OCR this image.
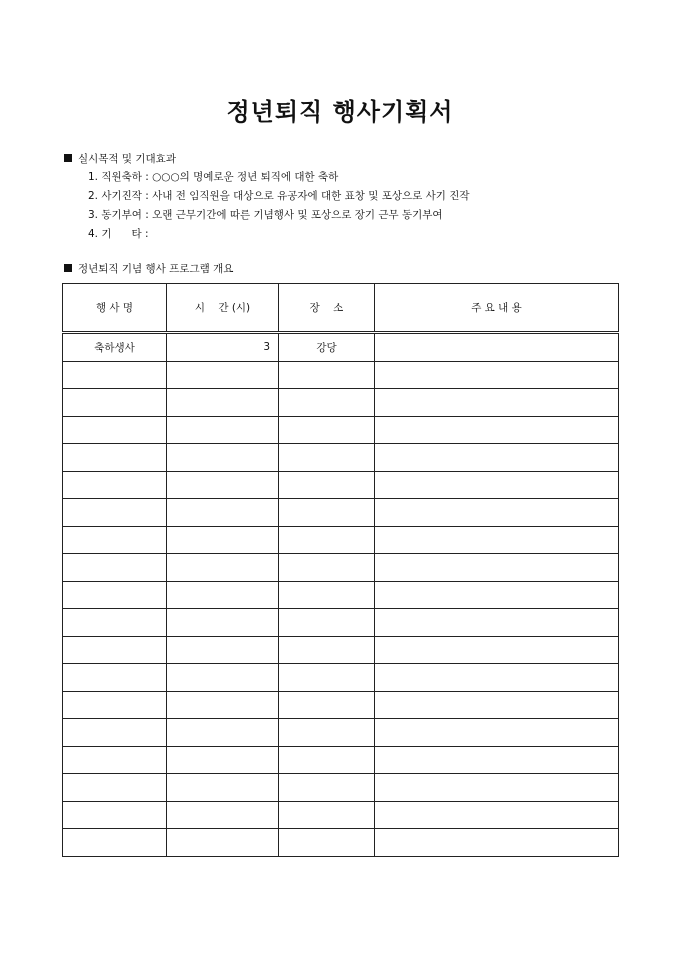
정년퇴직 행사기획서
실시목적 및 기대효과
1. 직원축하 : ○○○의 명예로운 정년 퇴직에 대한 축하
2. 사기진작 : 사내 전 임직원을 대상으로 유공자에 대한 표창 및 포상으로 사기 진작
3. 동기부여 : 오랜 근무기간에 따른 기념행사 및 포상으로 장기 근무 동기부여
4. 기      타 :
정년퇴직 기념 행사 프로그램 개요
행 사 명	시    간 (시)	장    소	주 요 내 용
축하생사	3	강당	
